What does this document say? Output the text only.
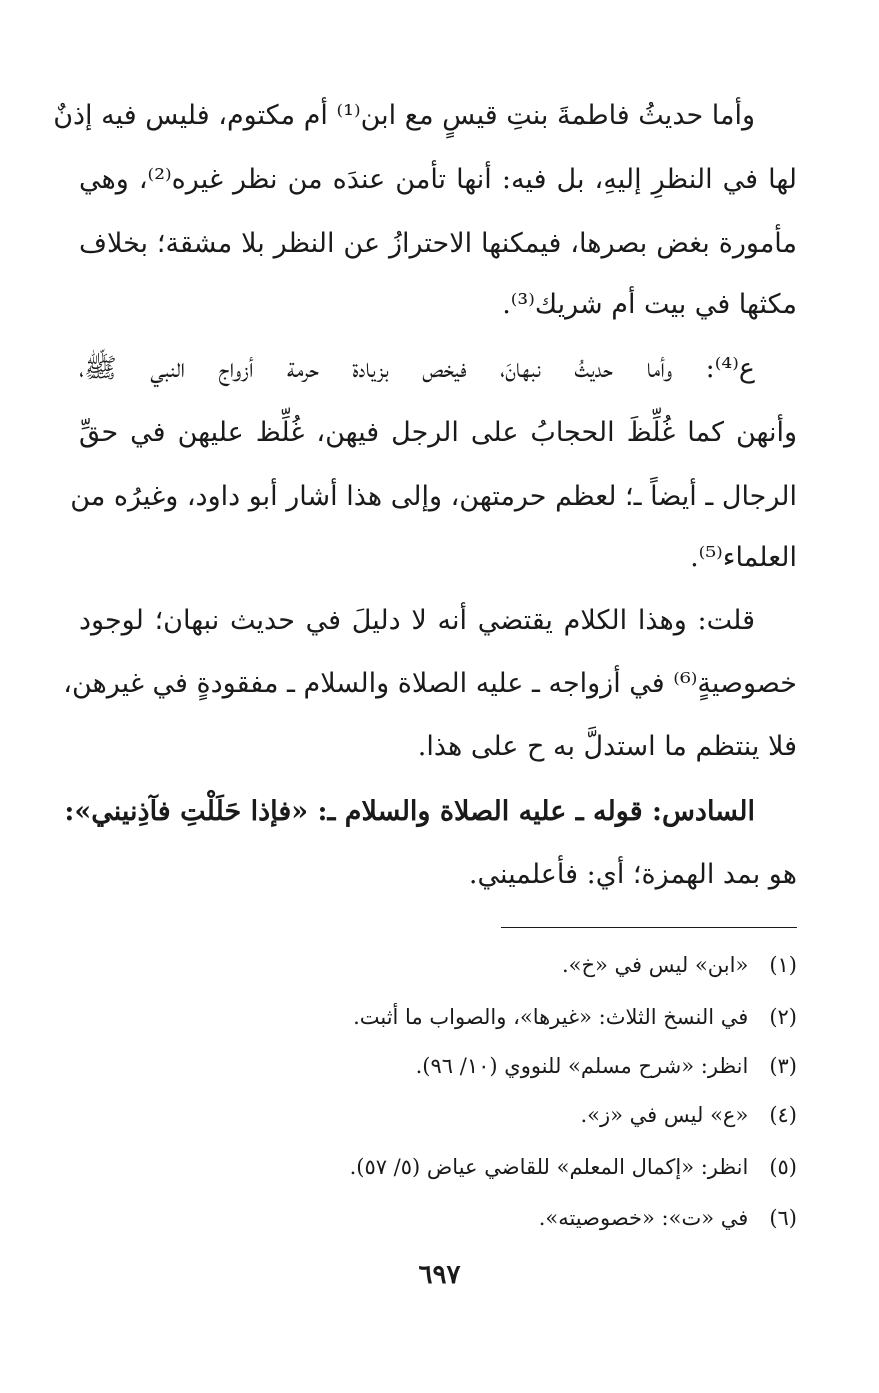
وأما حديثُ فاطمةَ بنتِ قيسٍ مع ابن⁽¹⁾ أم مكتوم، فليس فيه إذنٌ
لها في النظرِ إليهِ، بل فيه: أنها تأمن عندَه من نظر غيره⁽²⁾، وهي
مأمورة بغض بصرها، فيمكنها الاحترازُ عن النظر بلا مشقة؛ بخلاف
مكثها في بيت أم شريك⁽³⁾.
ع⁽⁴⁾: وأما حديثُ نبهانَ، فيخص بزيادة حرمة أزواج النبي ﷺ،
وأنهن كما غُلِّظَ الحجابُ على الرجل فيهن، غُلِّظ عليهن في حقِّ
الرجال ـ أيضاً ـ؛ لعظم حرمتهن، وإلى هذا أشار أبو داود، وغيرُه من
العلماء⁽⁵⁾.
قلت: وهذا الكلام يقتضي أنه لا دليلَ في حديث نبهان؛ لوجود
خصوصيةٍ⁽⁶⁾ في أزواجه ـ عليه الصلاة والسلام ـ مفقودةٍ في غيرهن،
فلا ينتظم ما استدلَّ به ح على هذا.
السادس: قوله ـ عليه الصلاة والسلام ـ: «فإذا حَلَلْتِ فآذِنيني»:
هو بمد الهمزة؛ أي: فأعلميني.
(١) «ابن» ليس في «خ».
(٢) في النسخ الثلاث: «غيرها»، والصواب ما أثبت.
(٣) انظر: «شرح مسلم» للنووي (١٠/ ٩٦).
(٤) «ع» ليس في «ز».
(٥) انظر: «إكمال المعلم» للقاضي عياض (٥/ ٥٧).
(٦) في «ت»: «خصوصيته».
٦٩٧
